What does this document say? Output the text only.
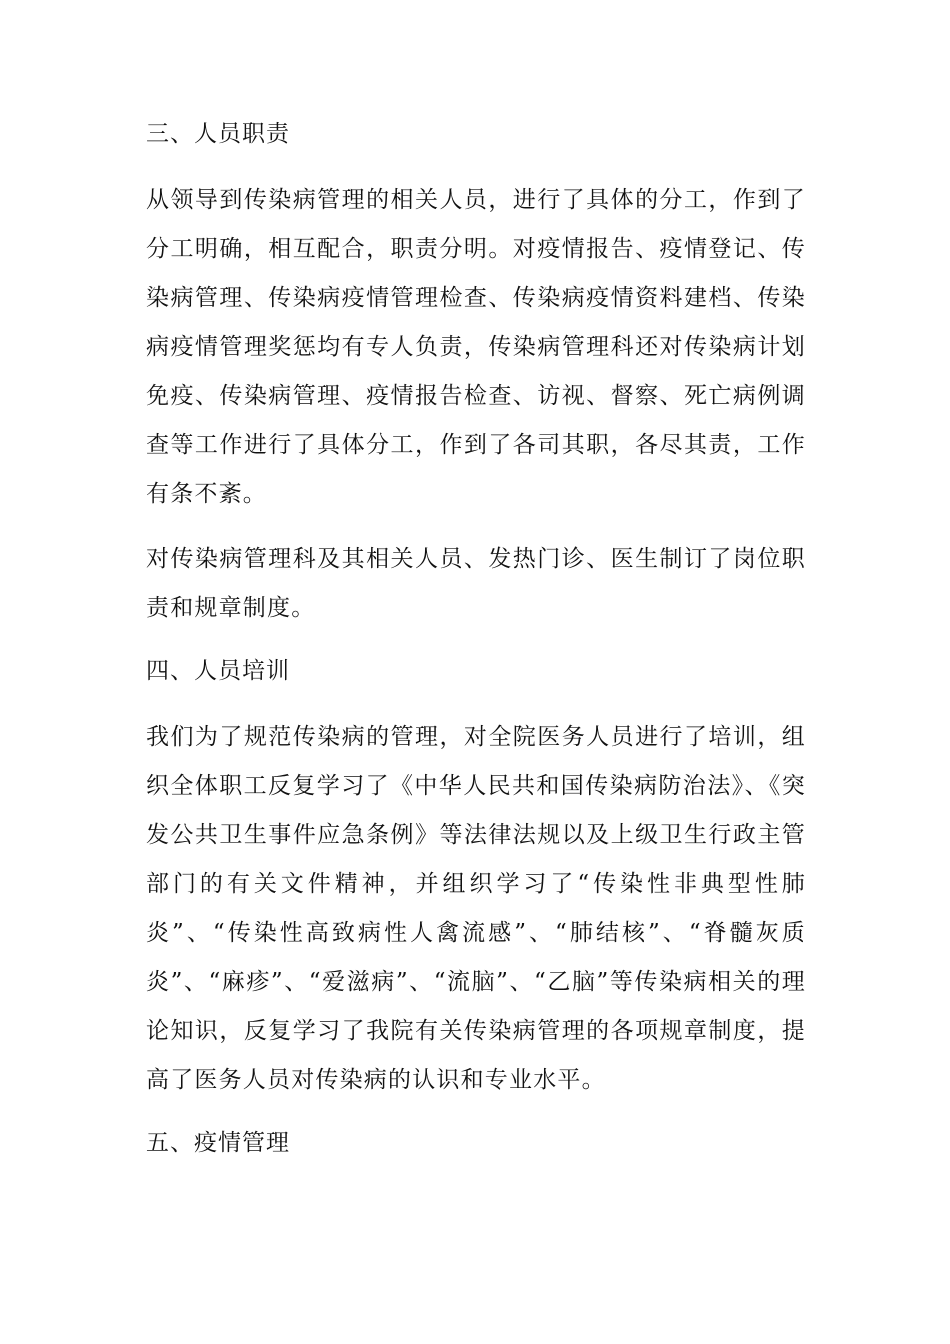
三、人员职责

从领导到传染病管理的相关人员，进行了具体的分工，作到了分工明确，相互配合，职责分明。对疫情报告、疫情登记、传染病管理、传染病疫情管理检查、传染病疫情资料建档、传染病疫情管理奖惩均有专人负责，传染病管理科还对传染病计划免疫、传染病管理、疫情报告检查、访视、督察、死亡病例调查等工作进行了具体分工，作到了各司其职，各尽其责，工作有条不紊。

对传染病管理科及其相关人员、发热门诊、医生制订了岗位职责和规章制度。

四、人员培训

我们为了规范传染病的管理，对全院医务人员进行了培训，组织全体职工反复学习了《中华人民共和国传染病防治法》、《突发公共卫生事件应急条例》等法律法规以及上级卫生行政主管部门的有关文件精神，并组织学习了“传染性非典型性肺炎”、“传染性高致病性人禽流感”、“肺结核”、“脊髓灰质炎”、“麻疹”、“爱滋病”、“流脑”、“乙脑”等传染病相关的理论知识，反复学习了我院有关传染病管理的各项规章制度，提高了医务人员对传染病的认识和专业水平。

五、疫情管理
